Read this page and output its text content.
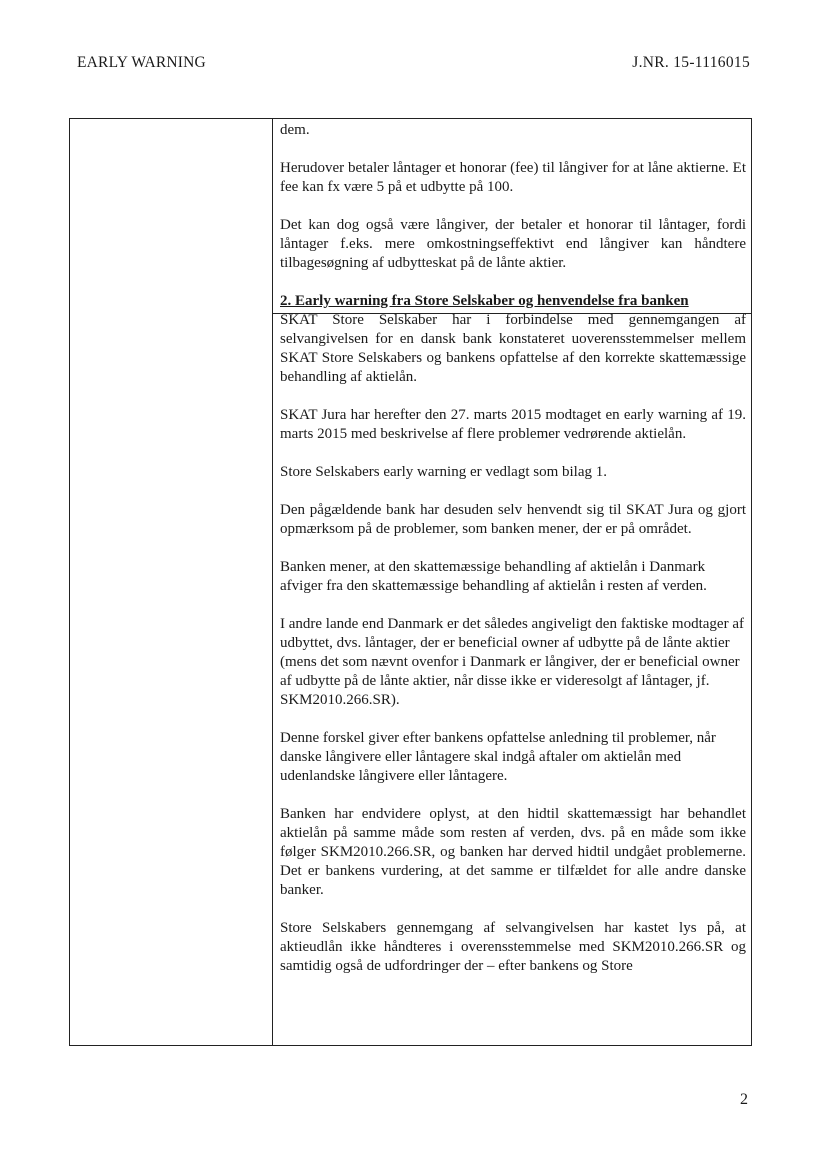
EARLY WARNING	J.NR. 15-1116015

dem.

Herudover betaler låntager et honorar (fee) til långiver for at låne aktierne. Et fee kan fx være 5 på et udbytte på 100.

Det kan dog også være långiver, der betaler et honorar til låntager, fordi låntager f.eks. mere omkostningseffektivt end långiver kan håndtere tilbagesøgning af udbytteskat på de lånte aktier.

2. Early warning fra Store Selskaber og henvendelse fra banken

SKAT Store Selskaber har i forbindelse med gennemgangen af selvangivelsen for en dansk bank konstateret uoverensstemmelser mellem SKAT Store Selskabers og bankens opfattelse af den korrekte skattemæssige behandling af aktielån.

SKAT Jura har herefter den 27. marts 2015 modtaget en early warning af 19. marts 2015 med beskrivelse af flere problemer vedrørende aktielån.

Store Selskabers early warning er vedlagt som bilag 1.

Den pågældende bank har desuden selv henvendt sig til SKAT Jura og gjort opmærksom på de problemer, som banken mener, der er på området.

Banken mener, at den skattemæssige behandling af aktielån i Danmark afviger fra den skattemæssige behandling af aktielån i resten af verden.

I andre lande end Danmark er det således angiveligt den faktiske modtager af udbyttet, dvs. låntager, der er beneficial owner af udbytte på de lånte aktier (mens det som nævnt ovenfor i Danmark er långiver, der er beneficial owner af udbytte på de lånte aktier, når disse ikke er videresolgt af låntager, jf. SKM2010.266.SR).

Denne forskel giver efter bankens opfattelse anledning til problemer, når danske långivere eller låntagere skal indgå aftaler om aktielån med udenlandske långivere eller låntagere.

Banken har endvidere oplyst, at den hidtil skattemæssigt har behandlet aktielån på samme måde som resten af verden, dvs. på en måde som ikke følger SKM2010.266.SR, og banken har derved hidtil undgået problemerne. Det er bankens vurdering, at det samme er tilfældet for alle andre danske banker.

Store Selskabers gennemgang af selvangivelsen har kastet lys på, at aktieudlån ikke håndteres i overensstemmelse med SKM2010.266.SR og samtidig også de udfordringer der – efter bankens og Store

2
